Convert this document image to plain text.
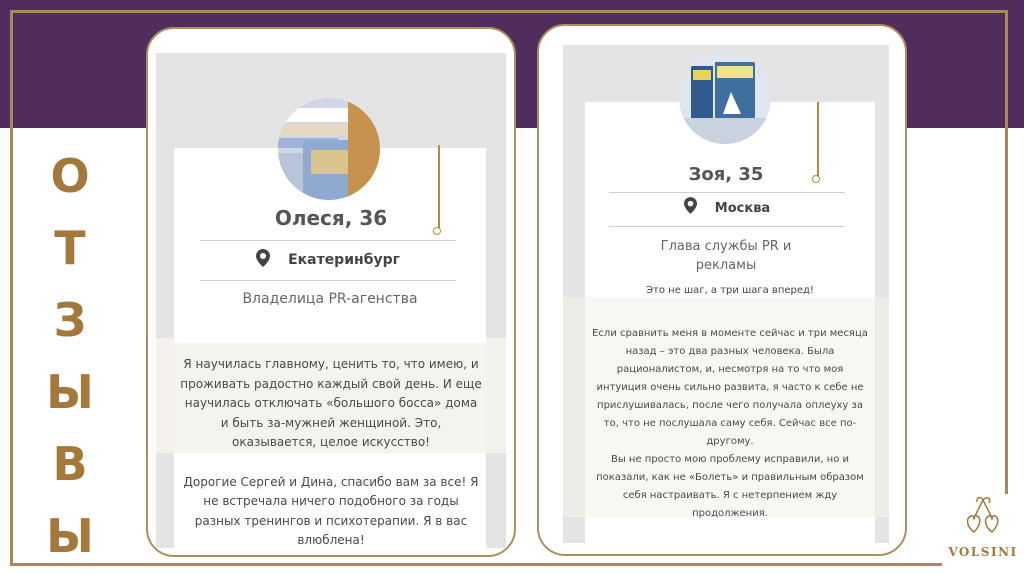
О
Т
З
Ы
В
Ы
Олеся, 36
Екатеринбург
Владелица PR-агенства

Я научилась главному, ценить то, что имею, и проживать радостно каждый свой день. И еще научилась отключать «большого босса» дома и быть за-мужней женщиной. Это, оказывается, целое искусство!

Дорогие Сергей и Дина, спасибо вам за все! Я не встречала ничего подобного за годы разных тренингов и психотерапии. Я в вас влюблена!

Зоя, 35
Москва
Глава службы PR и рекламы
Это не шаг, а три шага вперед!

Если сравнить меня в моменте сейчас и три месяца назад – это два разных человека. Была рационалистом, и, несмотря на то что моя интуиция очень сильно развита, я часто к себе не прислушивалась, после чего получала оплеуху за то, что не послушала саму себя. Сейчас все по-другому.

Вы не просто мою проблему исправили, но и показали, как не «Болеть» и правильным образом себя настраивать. Я с нетерпением жду продолжения.

VOLSINI
